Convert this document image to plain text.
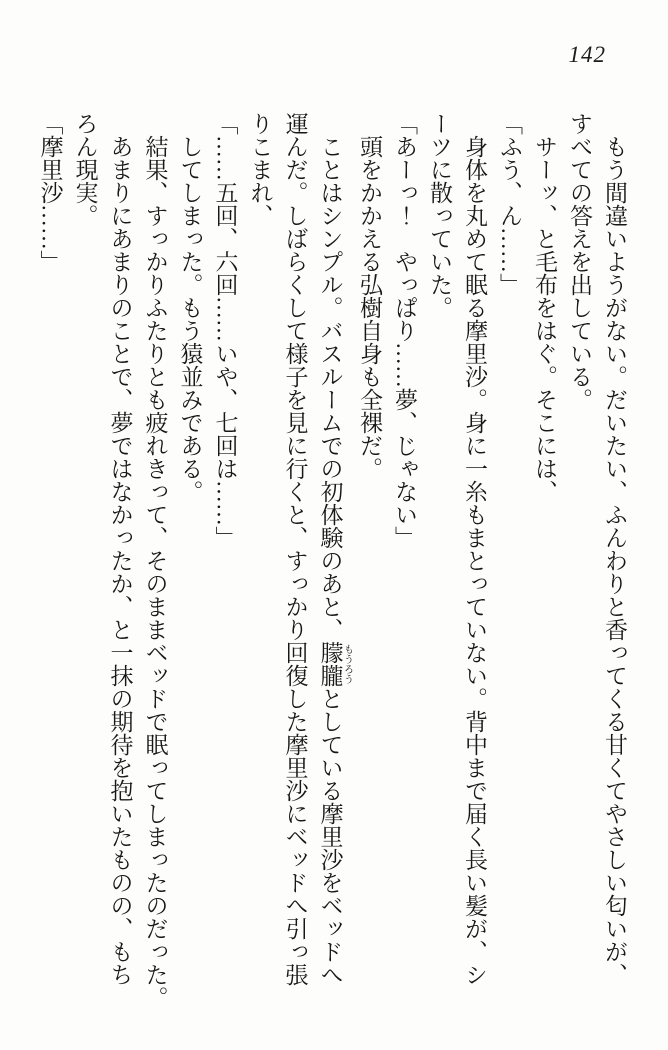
142
もう間違いようがない。だいたい、ふんわりと香ってくる甘くてやさしい匂いが、
すべての答えを出している。
サーッ、と毛布をはぐ。そこには、
「ふう、ん……」
身体を丸めて眠る摩里沙。身に一糸もまとっていない。背中まで届く長い髪が、シ
ーツに散っていた。
「あーっ！　やっぱり……夢、じゃない」
頭をかかえる弘樹自身も全裸だ。
ことはシンプル。バスルームでの初体験のあと、朦朧 もうろうとしている摩里沙をベッドへ
運んだ。しばらくして様子を見に行くと、すっかり回復した摩里沙にベッドへ引っ張
りこまれ、
「……五回、六回……いや、七回は……」
してしまった。もう猿並みである。
結果、すっかりふたりとも疲れきって、そのままベッドで眠ってしまったのだった。
あまりにあまりのことで、夢ではなかったか、と一抹の期待を抱いたものの、もち
ろん現実。
「摩里沙……」
